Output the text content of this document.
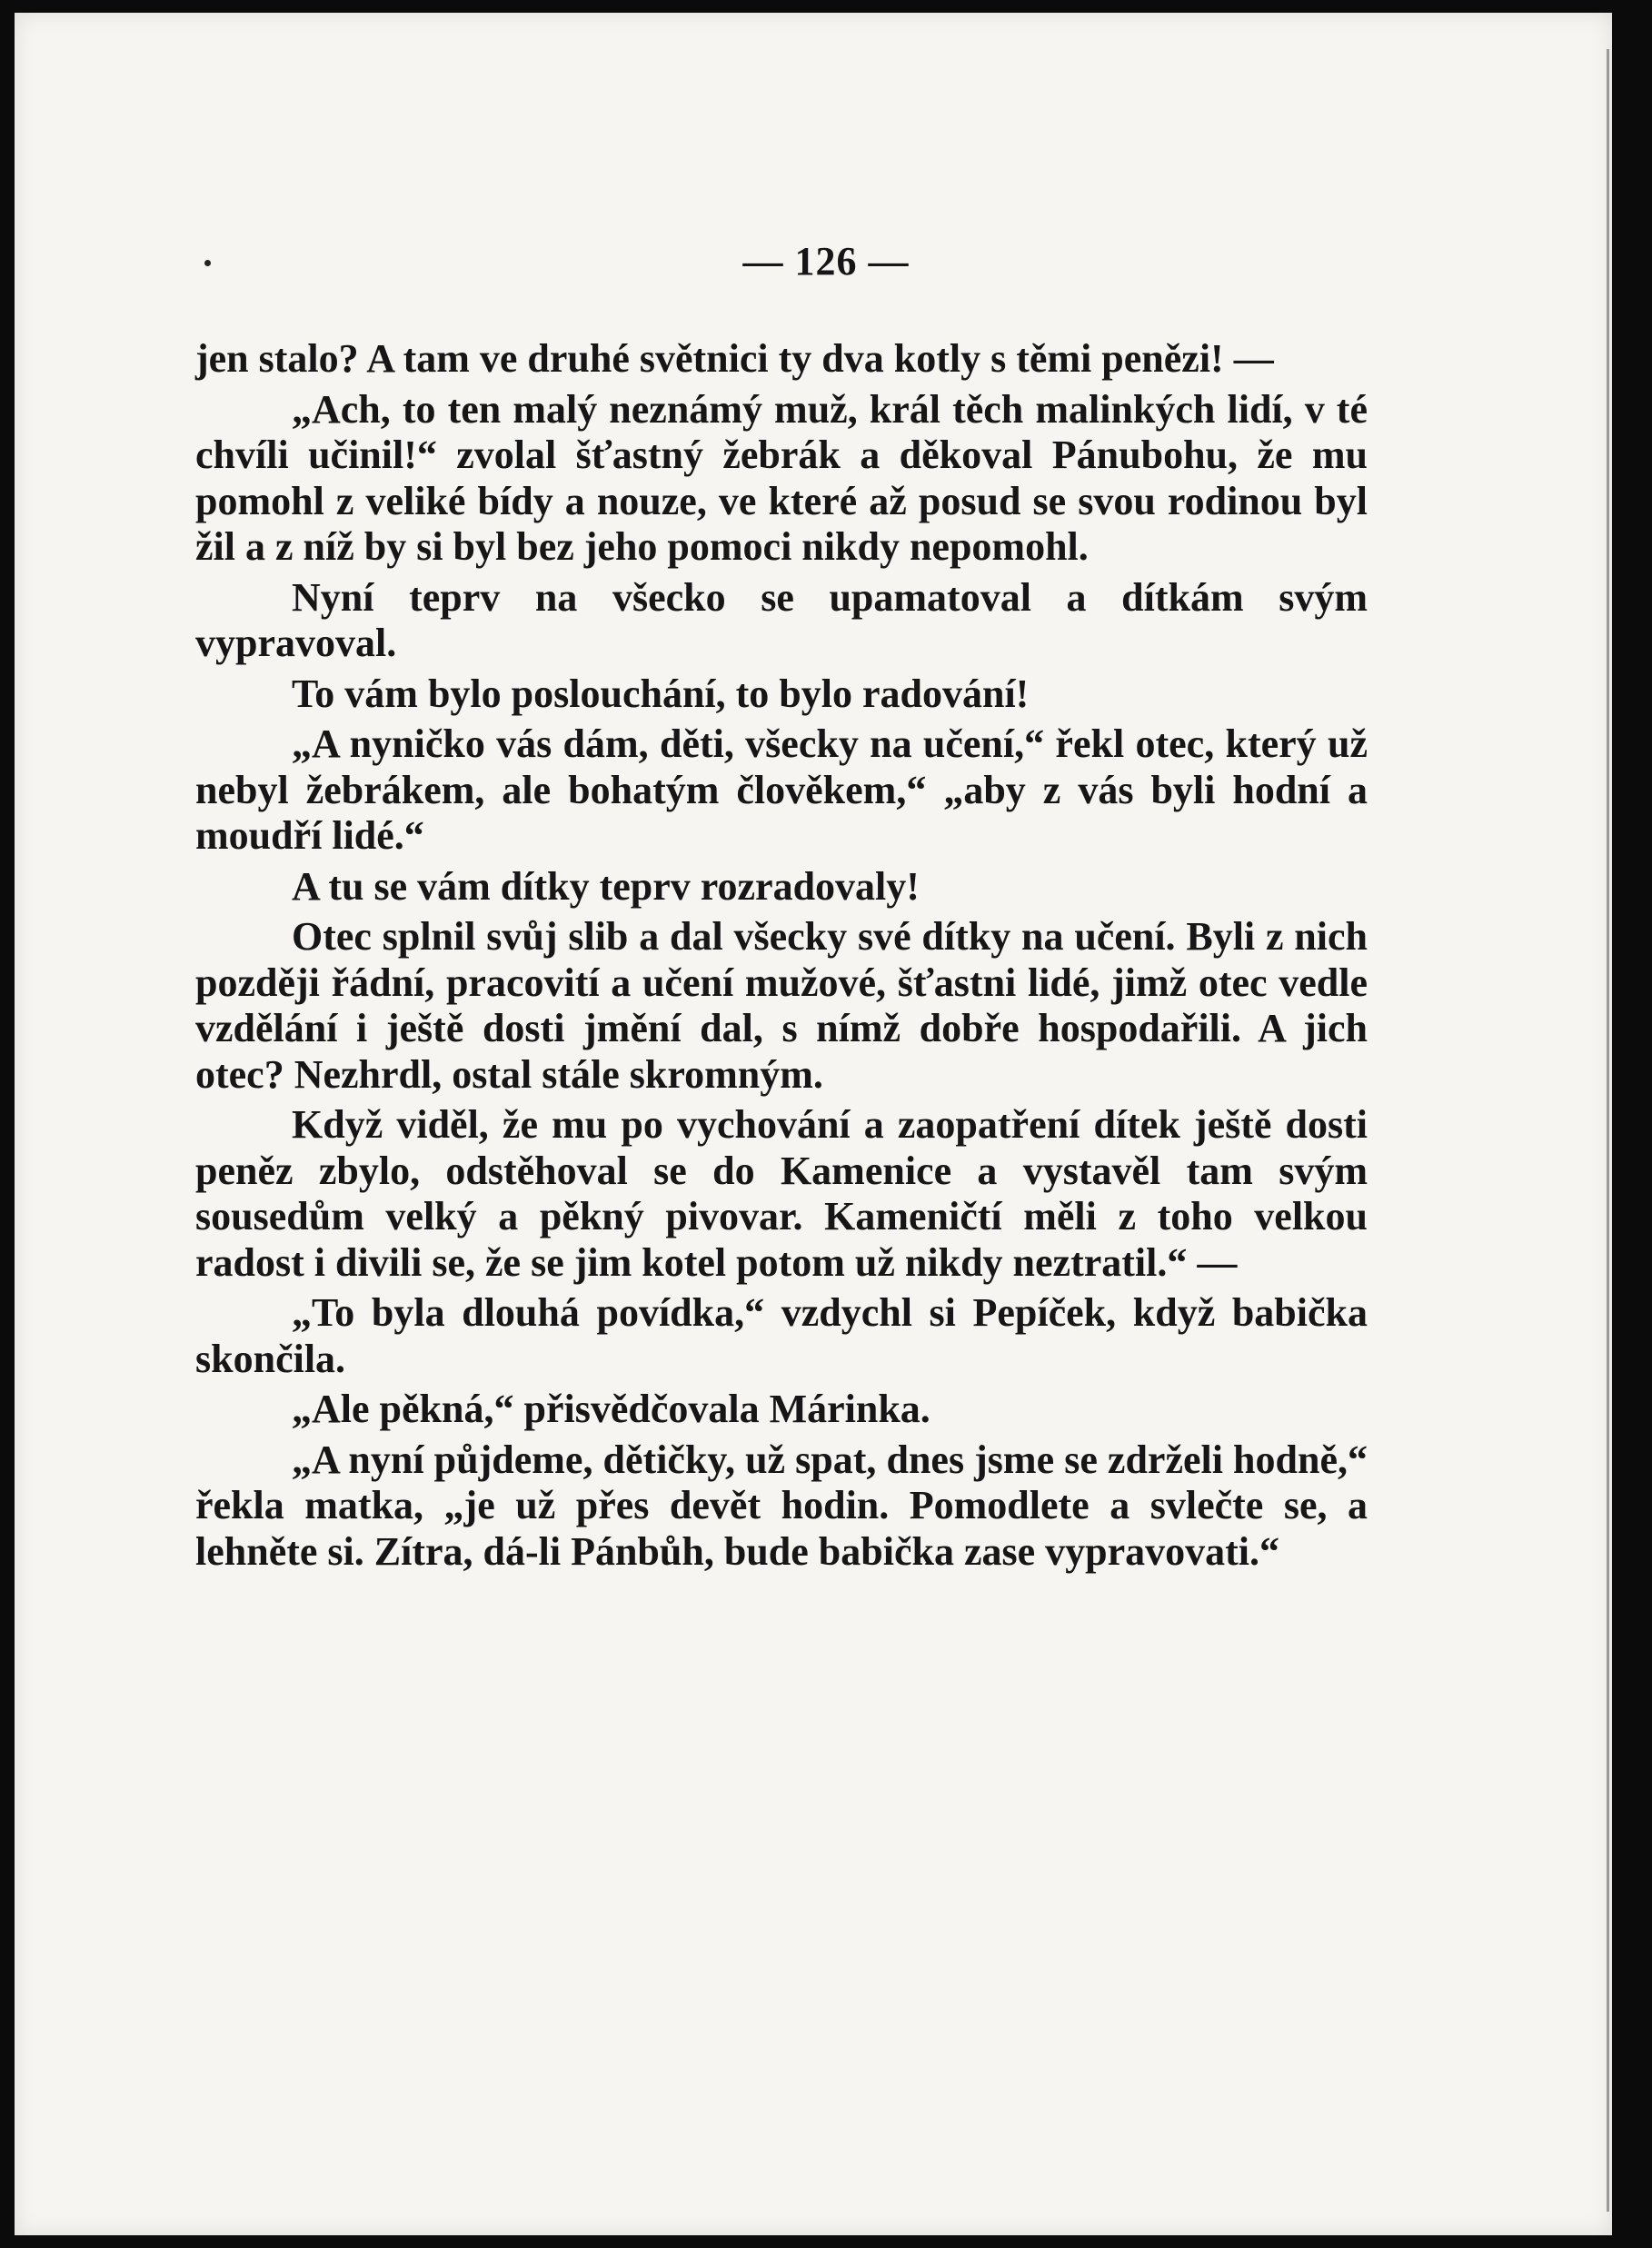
— 126 —

jen stalo? A tam ve druhé světnici ty dva kotly s těmi penězi! —

„Ach, to ten malý neznámý muž, král těch malinkých lidí, v té chvíli učinil!“ zvolal šťastný žebrák a děkoval Pánubohu, že mu pomohl z veliké bídy a nouze, ve které až posud se svou rodinou byl žil a z níž by si byl bez jeho pomoci nikdy nepomohl.

Nyní teprv na všecko se upamatoval a dítkám svým vypravoval.

To vám bylo poslouchání, to bylo radování!

„A nyničko vás dám, děti, všecky na učení,“ řekl otec, který už nebyl žebrákem, ale bohatým člověkem,“ „aby z vás byli hodní a moudří lidé.“

A tu se vám dítky teprv rozradovaly!

Otec splnil svůj slib a dal všecky své dítky na učení. Byli z nich později řádní, pracovití a učení mužové, šťastni lidé, jimž otec vedle vzdělání i ještě dosti jmění dal, s nímž dobře hospodařili. A jich otec? Nezhrdl, ostal stále skromným.

Když viděl, že mu po vychování a zaopatření dítek ještě dosti peněz zbylo, odstěhoval se do Kamenice a vystavěl tam svým sousedům velký a pěkný pivovar. Kameničtí měli z toho velkou radost i divili se, že se jim kotel potom už nikdy neztratil.“ —

„To byla dlouhá povídka,“ vzdychl si Pepíček, když babička skončila.

„Ale pěkná,“ přisvědčovala Márinka.

„A nyní půjdeme, dětičky, už spat, dnes jsme se zdrželi hodně,“ řekla matka, „je už přes devět hodin. Pomodlete a svlečte se, a lehněte si. Zítra, dá-li Pánbůh, bude babička zase vypravovati.“
